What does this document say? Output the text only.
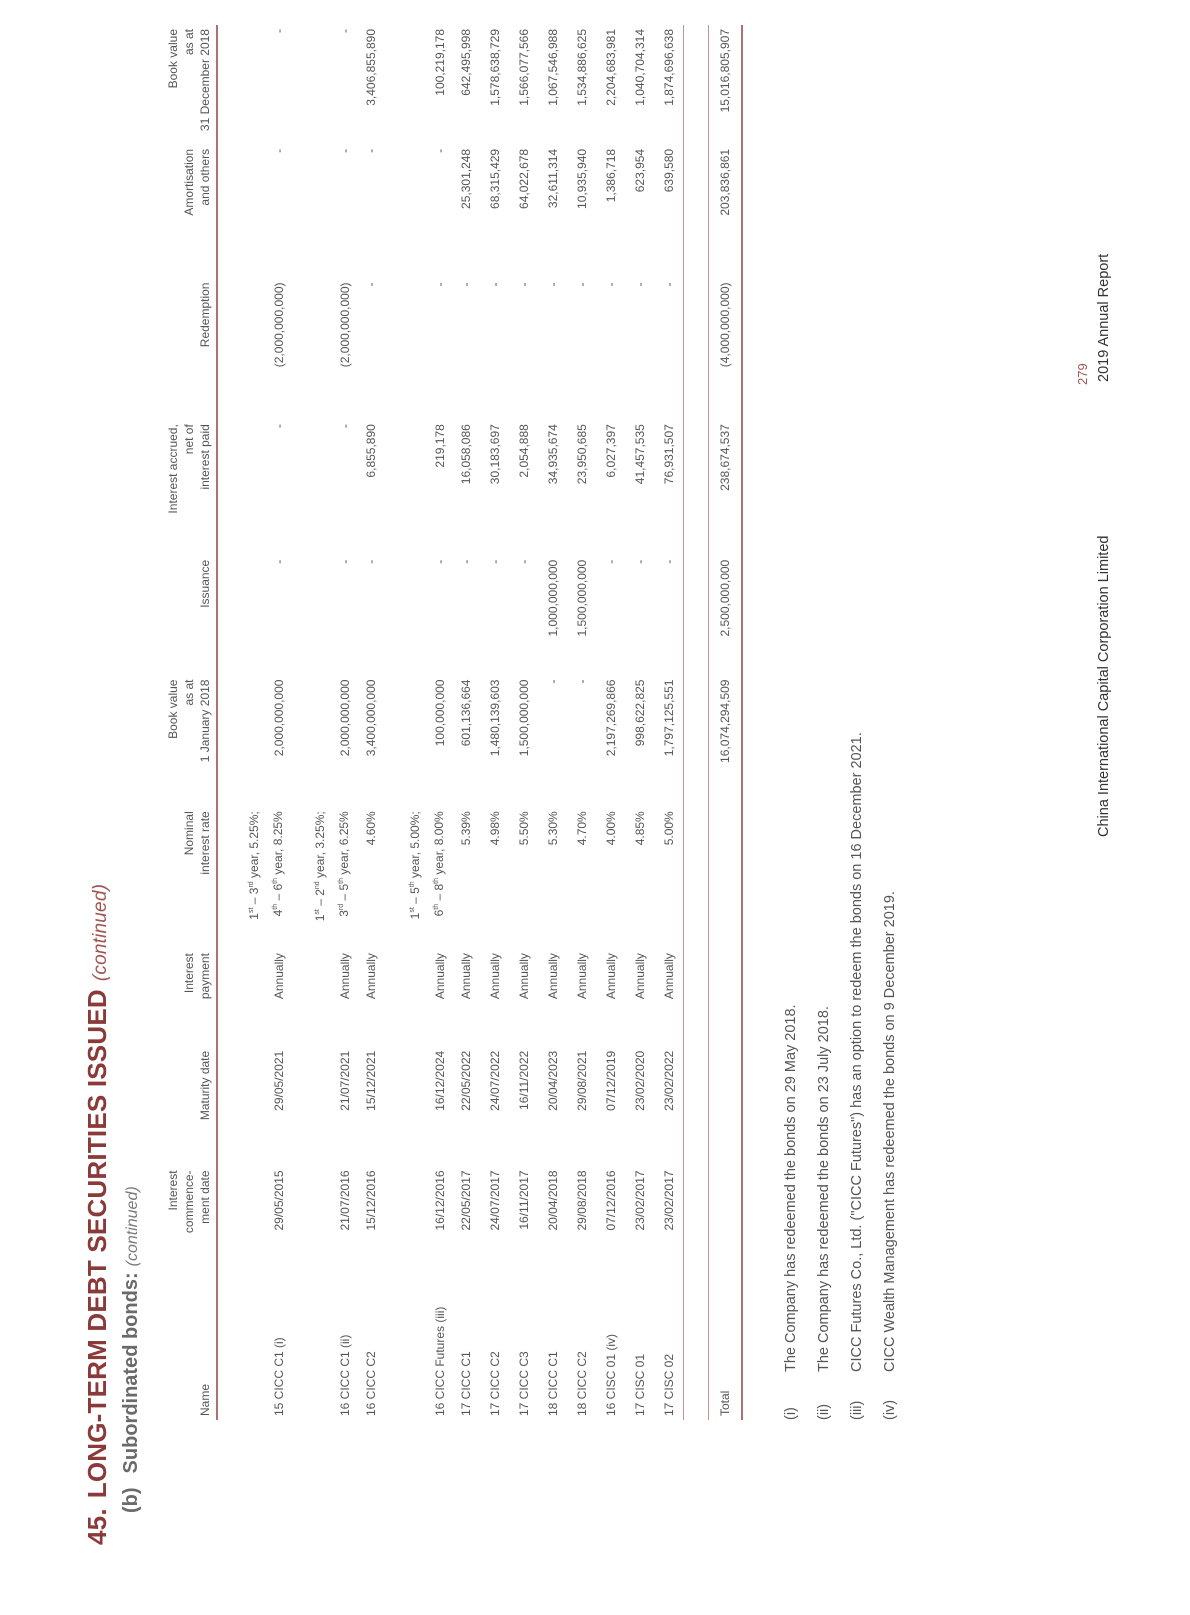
45.LONG-TERM DEBT SECURITIES ISSUED(continued)
(b)Subordinated bonds:(continued)
Name	Interest commence- ment date	Maturity date	Interest payment	Nominal interest rate	Book value as at 1 January 2018	Issuance	Interest accrued, net of interest paid	Redemption	Amortisation and others	Book value as at 31 December 2018

15 CICC C1 (i)	29/05/2015	29/05/2021	Annually	1st – 3rd year, 5.25%;
4th – 6th year, 8.25%	2,000,000,000	-	-	(2,000,000,000)	-	-

16 CICC C1 (ii)	21/07/2016	21/07/2021	Annually	1st – 2nd year, 3.25%;
3rd – 5th year, 6.25%	2,000,000,000	-	-	(2,000,000,000)	-	-
16 CICC C2	15/12/2016	15/12/2021	Annually	4.60%	3,400,000,000	-	6,855,890	-	-	3,406,855,890

16 CICC Futures (iii)	16/12/2016	16/12/2024	Annually	1st – 5th year, 5.00%;
6th – 8th year, 8.00%	100,000,000	-	219,178	-	-	100,219,178
17 CICC C1	22/05/2017	22/05/2022	Annually	5.39%	601,136,664	-	16,058,086	-	25,301,248	642,495,998
17 CICC C2	24/07/2017	24/07/2022	Annually	4.98%	1,480,139,603	-	30,183,697	-	68,315,429	1,578,638,729
17 CICC C3	16/11/2017	16/11/2022	Annually	5.50%	1,500,000,000	-	2,054,888	-	64,022,678	1,566,077,566
18 CICC C1	20/04/2018	20/04/2023	Annually	5.30%	-	1,000,000,000	34,935,674	-	32,611,314	1,067,546,988
18 CICC C2	29/08/2018	29/08/2021	Annually	4.70%	-	1,500,000,000	23,950,685	-	10,935,940	1,534,886,625
16 CISC 01 (iv)	07/12/2016	07/12/2019	Annually	4.00%	2,197,269,866	-	6,027,397	-	1,386,718	2,204,683,981
17 CISC 01	23/02/2017	23/02/2020	Annually	4.85%	998,622,825	-	41,457,535	-	623,954	1,040,704,314
17 CISC 02	23/02/2017	23/02/2022	Annually	5.00%	1,797,125,551	-	76,931,507	-	639,580	1,874,696,638

Total					16,074,294,509	2,500,000,000	238,674,537	(4,000,000,000)	203,836,861	15,016,805,907
(i)
The Company has redeemed the bonds on 29 May 2018.
(ii)
The Company has redeemed the bonds on 23 July 2018.
(iii)
CICC Futures Co., Ltd. ("CICC Futures") has an option to redeem the bonds on 16 December 2021.
(iv)
CICC Wealth Management has redeemed the bonds on 9 December 2019.
279
China International Capital Corporation Limited
2019 Annual Report
